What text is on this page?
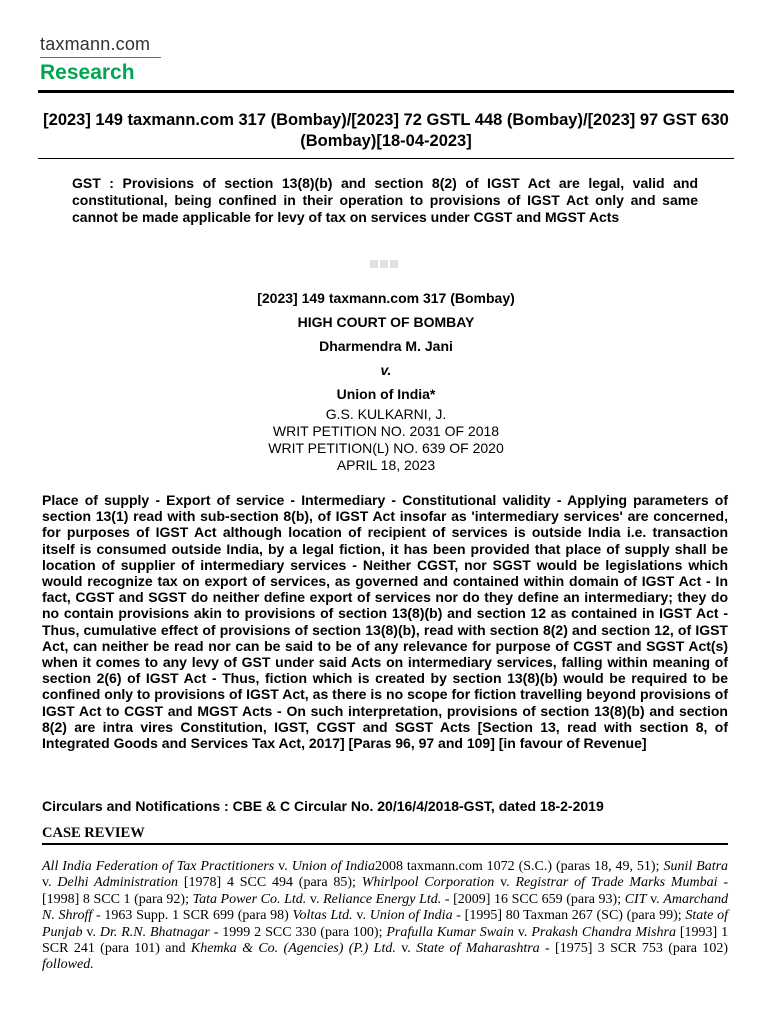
taxmann.com
Research
[2023] 149 taxmann.com 317 (Bombay)/[2023] 72 GSTL 448 (Bombay)/[2023] 97 GST 630 (Bombay)[18-04-2023]
GST : Provisions of section 13(8)(b) and section 8(2) of IGST Act are legal, valid and constitutional, being confined in their operation to provisions of IGST Act only and same cannot be made applicable for levy of tax on services under CGST and MGST Acts
[2023] 149 taxmann.com 317 (Bombay)
HIGH COURT OF BOMBAY
Dharmendra M. Jani
v.
Union of India*
G.S. KULKARNI, J.
WRIT PETITION NO. 2031 OF 2018
WRIT PETITION(L) NO. 639 OF 2020
APRIL 18, 2023
Place of supply - Export of service - Intermediary - Constitutional validity - Applying parameters of section 13(1) read with sub-section 8(b), of IGST Act insofar as 'intermediary services' are concerned, for purposes of IGST Act although location of recipient of services is outside India i.e. transaction itself is consumed outside India, by a legal fiction, it has been provided that place of supply shall be location of supplier of intermediary services - Neither CGST, nor SGST would be legislations which would recognize tax on export of services, as governed and contained within domain of IGST Act - In fact, CGST and SGST do neither define export of services nor do they define an intermediary; they do no contain provisions akin to provisions of section 13(8)(b) and section 12 as contained in IGST Act - Thus, cumulative effect of provisions of section 13(8)(b), read with section 8(2) and section 12, of IGST Act, can neither be read nor can be said to be of any relevance for purpose of CGST and SGST Act(s) when it comes to any levy of GST under said Acts on intermediary services, falling within meaning of section 2(6) of IGST Act - Thus, fiction which is created by section 13(8)(b) would be required to be confined only to provisions of IGST Act, as there is no scope for fiction travelling beyond provisions of IGST Act to CGST and MGST Acts - On such interpretation, provisions of section 13(8)(b) and section 8(2) are intra vires Constitution, IGST, CGST and SGST Acts [Section 13, read with section 8, of Integrated Goods and Services Tax Act, 2017] [Paras 96, 97 and 109] [in favour of Revenue]
Circulars and Notifications : CBE & C Circular No. 20/16/4/2018-GST, dated 18-2-2019
CASE REVIEW
All India Federation of Tax Practitioners v. Union of India2008 taxmann.com 1072 (S.C.) (paras 18, 49, 51); Sunil Batra v. Delhi Administration [1978] 4 SCC 494 (para 85); Whirlpool Corporation v. Registrar of Trade Marks Mumbai - [1998] 8 SCC 1 (para 92); Tata Power Co. Ltd. v. Reliance Energy Ltd. - [2009] 16 SCC 659 (para 93); CIT v. Amarchand N. Shroff - 1963 Supp. 1 SCR 699 (para 98) Voltas Ltd. v. Union of India - [1995] 80 Taxman 267 (SC) (para 99); State of Punjab v. Dr. R.N. Bhatnagar - 1999 2 SCC 330 (para 100); Prafulla Kumar Swain v. Prakash Chandra Mishra [1993] 1 SCR 241 (para 101) and Khemka & Co. (Agencies) (P.) Ltd. v. State of Maharashtra - [1975] 3 SCR 753 (para 102) followed.
